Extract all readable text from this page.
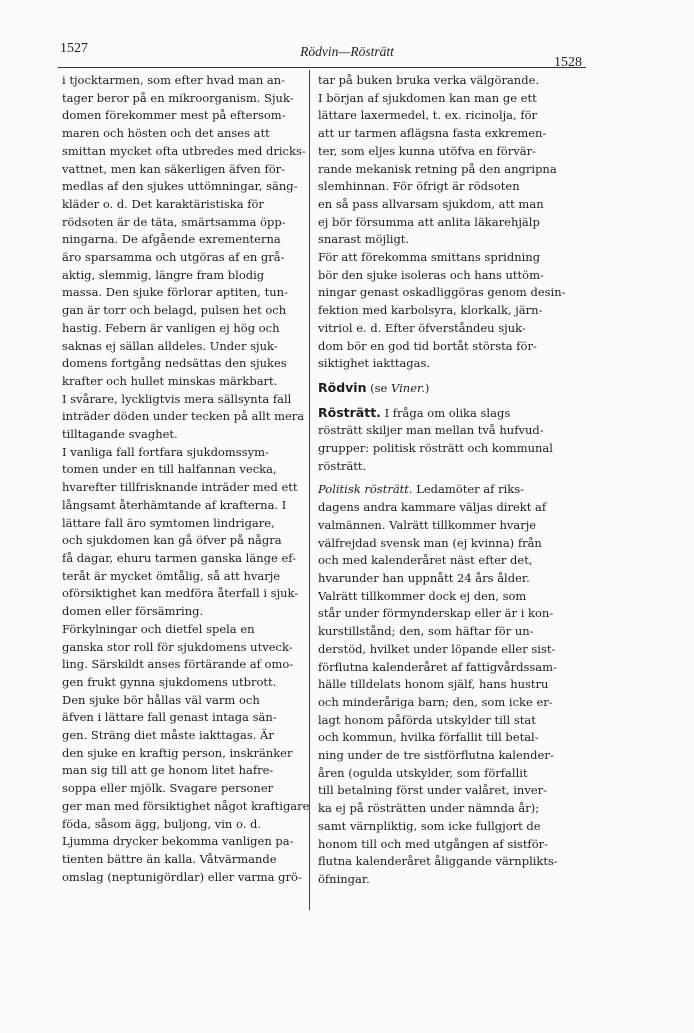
1527	Rödvin—Rösträtt
1528
i tjocktarmen, som efter hvad man an-
tager beror på en mikroorganism. Sjuk-
domen förekommer mest på eftersom-
maren och hösten och det anses att
smittan mycket ofta utbredes med dricks-
vattnet, men kan säkerligen äfven för-
medlas af den sjukes uttömningar, säng-
kläder o. d. Det karaktäristiska för
rödsoten är de täta, smärtsamma öpp-
ningarna. De afgående exrementerna
äro sparsamma och utgöras af en grå-
aktig, slemmig, längre fram blodig
massa. Den sjuke förlorar aptiten, tun-
gan är torr och belagd, pulsen het och
hastig. Febern är vanligen ej hög och
saknas ej sällan alldeles. Under sjuk-
domens fortgång nedsättas den sjukes
krafter och hullet minskas märkbart.
I svårare, lyckligtvis mera sällsynta fall
inträder döden under tecken på allt mera
tilltagande svaghet.
I vanliga fall fortfara sjukdomssym-
tomen under en till halfannan vecka,
hvarefter tillfrisknande inträder med ett
långsamt återhämtande af krafterna. I
lättare fall äro symtomen lindrigare,
och sjukdomen kan gå öfver på några
få dagar, ehuru tarmen ganska länge ef-
teråt är mycket ömtålig, så att hvarje
oförsiktighet kan medföra återfall i sjuk-
domen eller försämring.
Förkylningar och dietfel spela en
ganska stor roll för sjukdomens utveck-
ling. Särskildt anses förtärande af omo-
gen frukt gynna sjukdomens utbrott.
Den sjuke bör hållas väl varm och
äfven i lättare fall genast intaga sän-
gen. Sträng diet måste iakttagas. Är
den sjuke en kraftig person, inskränker
man sig till att ge honom litet hafre-
soppa eller mjölk. Svagare personer
ger man med försiktighet något kraftigare
föda, såsom ägg, buljong, vin o. d.
Ljumma drycker bekomma vanligen pa-
tienten bättre än kalla. Våtvärmande
omslag (neptunigördlar) eller varma grö-
tar på buken bruka verka välgörande.
I början af sjukdomen kan man ge ett
lättare laxermedel, t. ex. ricinolja, för
att ur tarmen aflägsna fasta exkremen-
ter, som eljes kunna utöfva en förvär-
rande mekanisk retning på den angripna
slemhinnan. För öfrigt är rödsoten
en så pass allvarsam sjukdom, att man
ej bör försumma att anlita läkarehjälp
snarast möjligt.
För att förekomma smittans spridning
bör den sjuke isoleras och hans uttöm-
ningar genast oskadliggöras genom desin-
fektion med karbolsyra, klorkalk, järn-
vitriol e. d. Efter öfverståndeu sjuk-
dom bör en god tid bortåt största för-
siktighet iakttagas.
Rödvin (se Viner.)
Rösträtt. I fråga om olika slags
rösträtt skiljer man mellan två hufvud-
grupper: politisk rösträtt och kommunal
rösträtt.
Politisk rösträtt. Ledamöter af riks-
dagens andra kammare väljas direkt af
valmännen. Valrätt tillkommer hvarje
välfrejdad svensk man (ej kvinna) från
och med kalenderåret näst efter det,
hvarunder han uppnått 24 års ålder.
Valrätt tillkommer dock ej den, som
står under förmynderskap eller är i kon-
kurstillstånd; den, som häftar för un-
derstöd, hvilket under löpande eller sist-
förflutna kalenderåret af fattigvårdssam-
hälle tilldelats honom själf, hans hustru
och minderåriga barn; den, som icke er-
lagt honom påförda utskylder till stat
och kommun, hvilka förfallit till betal-
ning under de tre sistförflutna kalender-
åren (ogulda utskylder, som förfallit
till betalning först under valåret, inver-
ka ej på rösträtten under nämnda år);
samt värnpliktig, som icke fullgjort de
honom till och med utgången af sistför-
flutna kalenderåret åliggande värnplikts-
öfningar.
